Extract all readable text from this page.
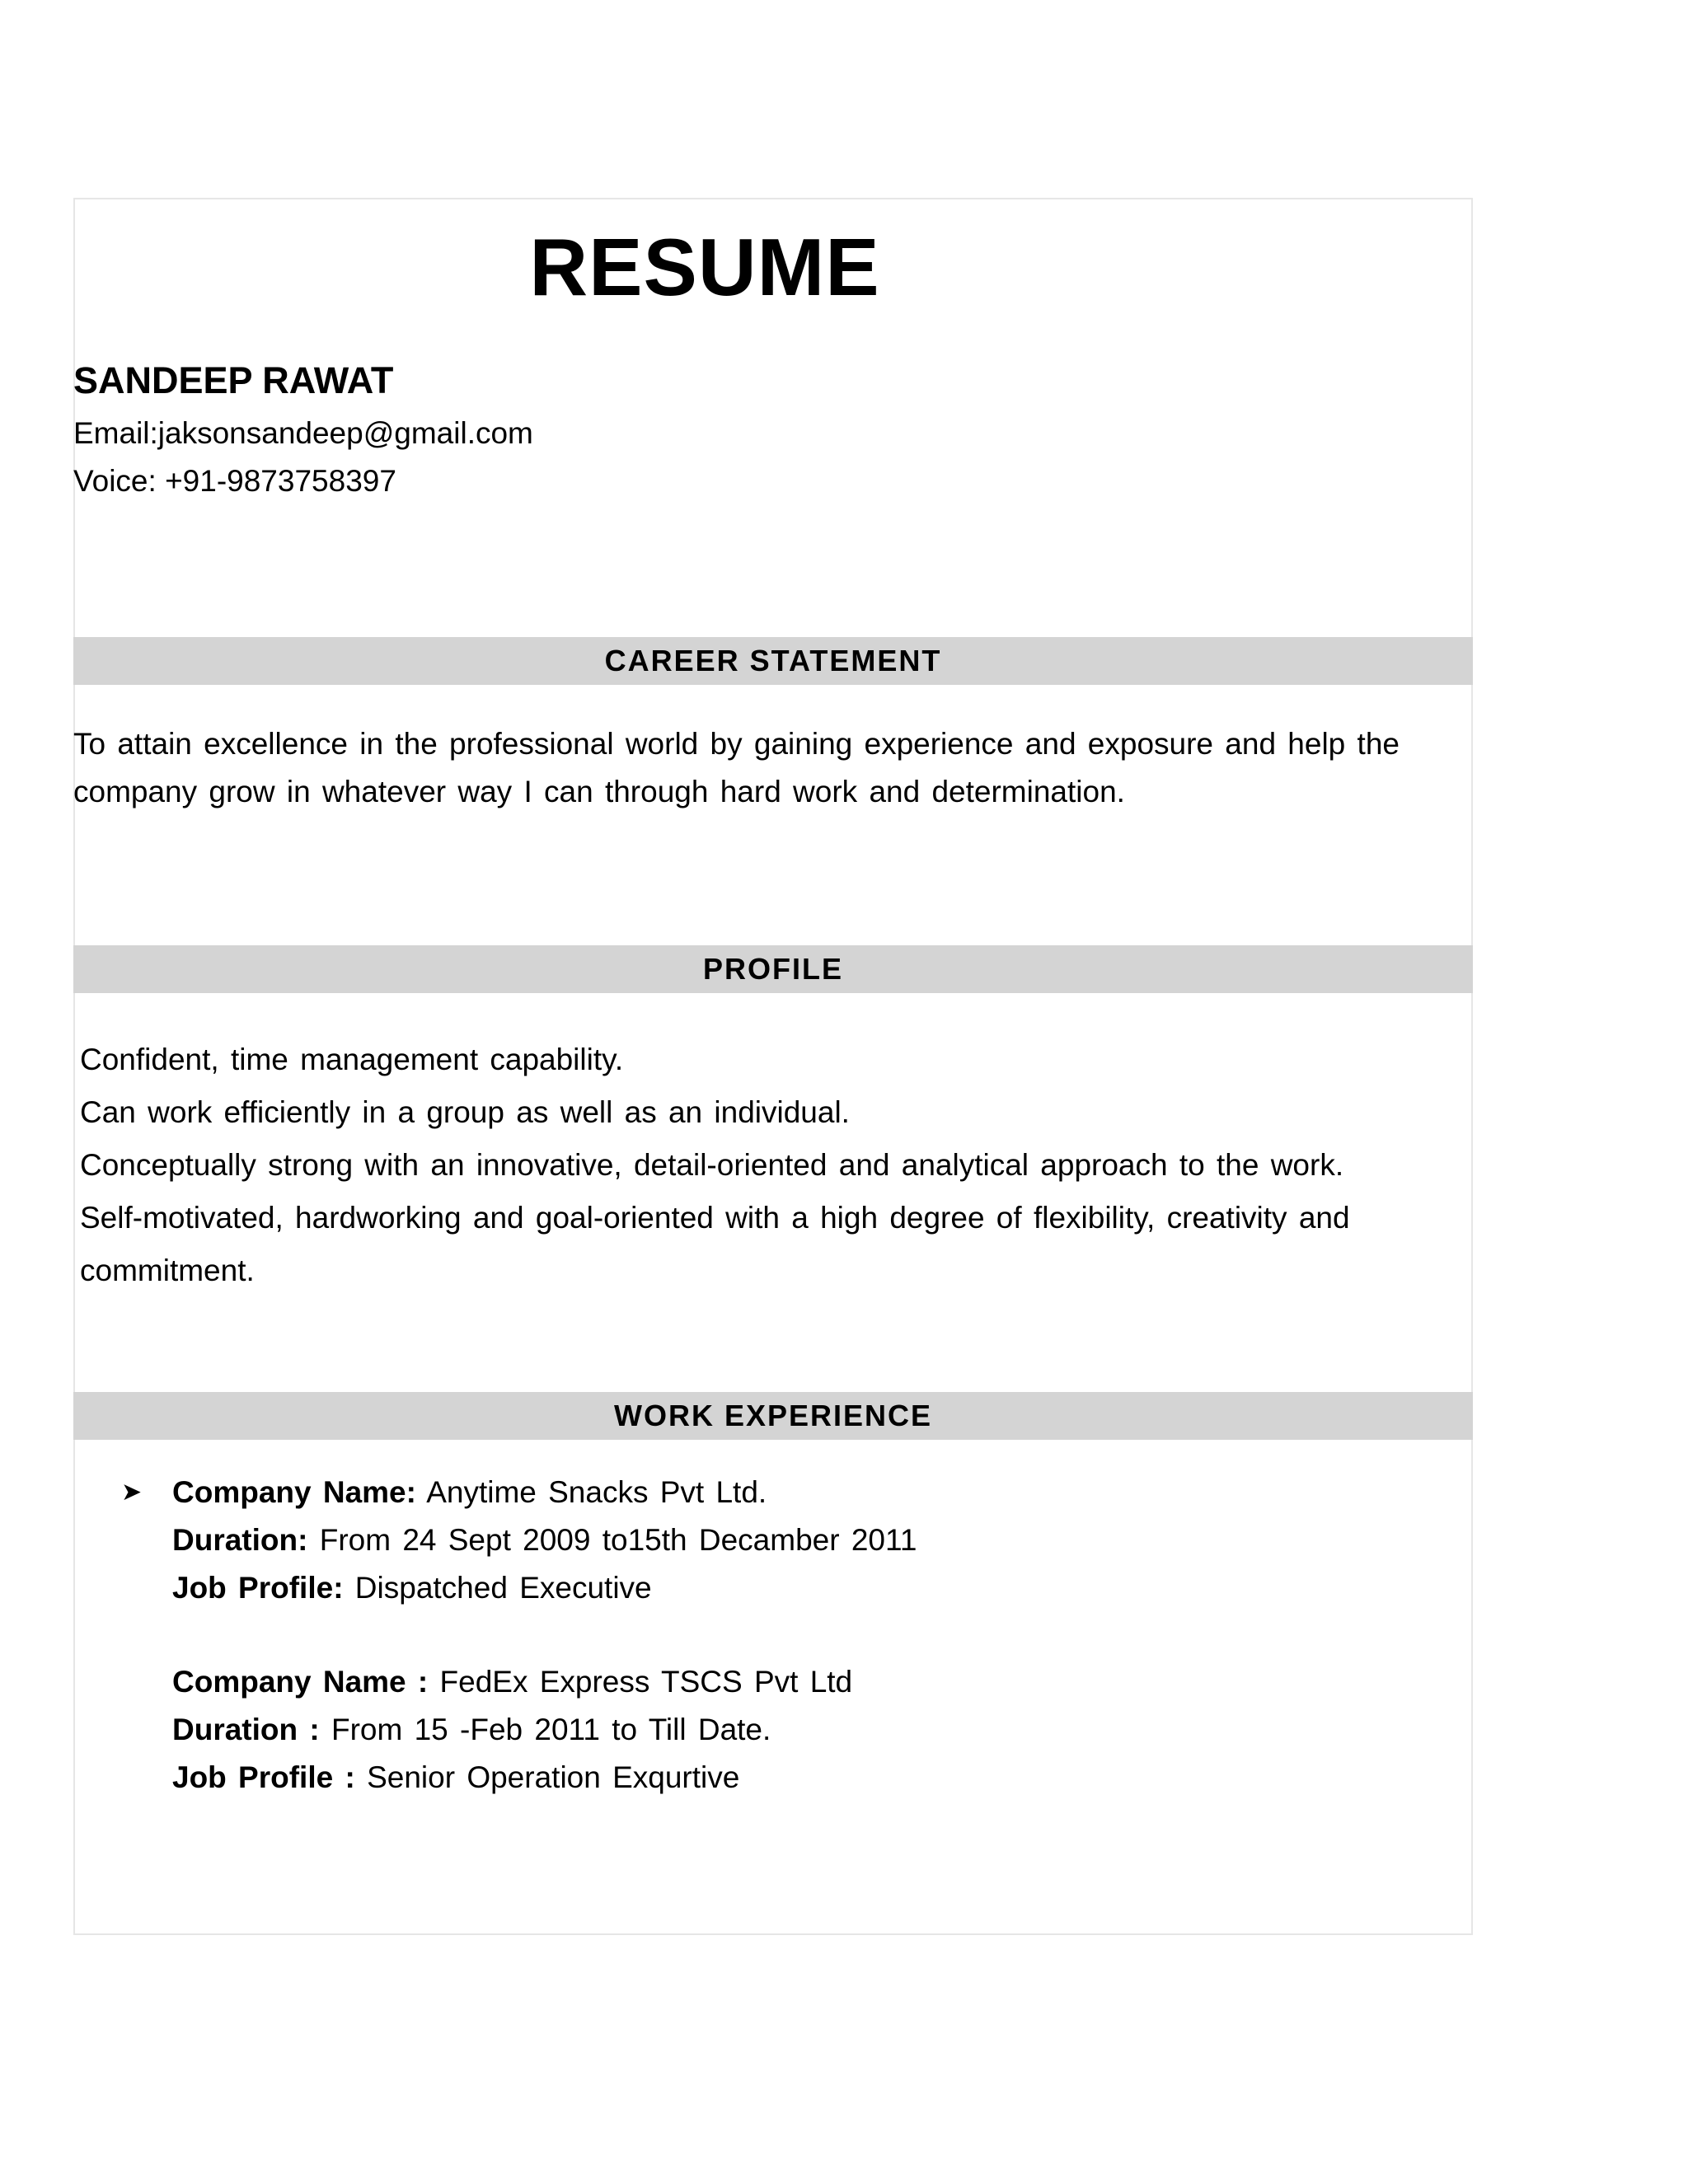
RESUME
SANDEEP RAWAT
Email:jaksonsandeep@gmail.com
Voice: +91-9873758397
CAREER STATEMENT
To attain excellence in the professional world by gaining experience and exposure and help the company grow in whatever way I can through hard work and determination.
PROFILE
Confident, time management capability.
Can work efficiently in a group as well as an individual.
Conceptually strong with an innovative, detail-oriented and analytical approach to the work.
Self-motivated, hardworking and goal-oriented with a high degree of flexibility, creativity and commitment.
WORK EXPERIENCE
➤ Company Name: Anytime Snacks Pvt Ltd.
Duration: From 24 Sept 2009 to15th Decamber 2011
Job Profile: Dispatched Executive
Company Name : FedEx Express TSCS Pvt Ltd
Duration : From 15 -Feb 2011 to Till Date.
Job Profile : Senior Operation Exqurtive
